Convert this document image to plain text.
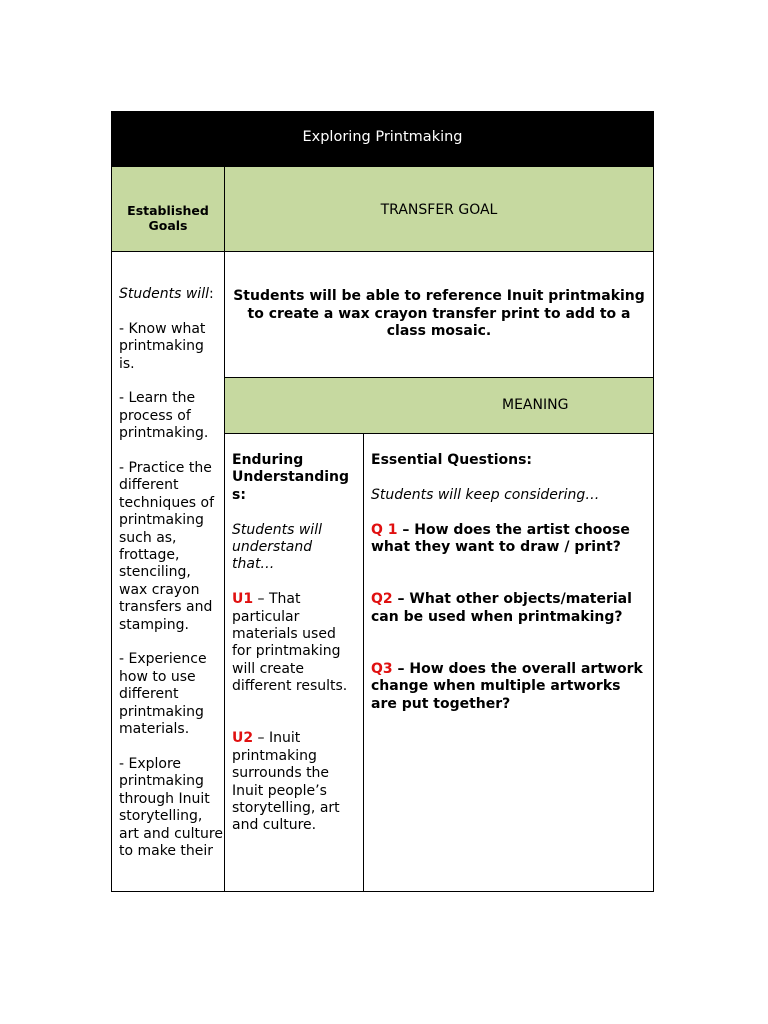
Exploring Printmaking
Established Goals
TRANSFER GOAL

Students will:

- Know what printmaking is.

- Learn the process of printmaking.

- Practice the different techniques of printmaking such as, frottage, stenciling, wax crayon transfers and stamping.

- Experience how to use different printmaking materials.

- Explore printmaking through Inuit storytelling, art and culture to make their

Students will be able to reference Inuit printmaking to create a wax crayon transfer print to add to a class mosaic.
MEANING

Enduring Understanding s:

Students will understand that…

U1 – That particular materials used for printmaking will create different results.

U2 – Inuit printmaking surrounds the Inuit people’s storytelling, art and culture.

Essential Questions:

Students will keep considering…

Q 1 – How does the artist choose what they want to draw / print?

Q2 – What other objects/material can be used when printmaking?

Q3 – How does the overall artwork change when multiple artworks are put together?
